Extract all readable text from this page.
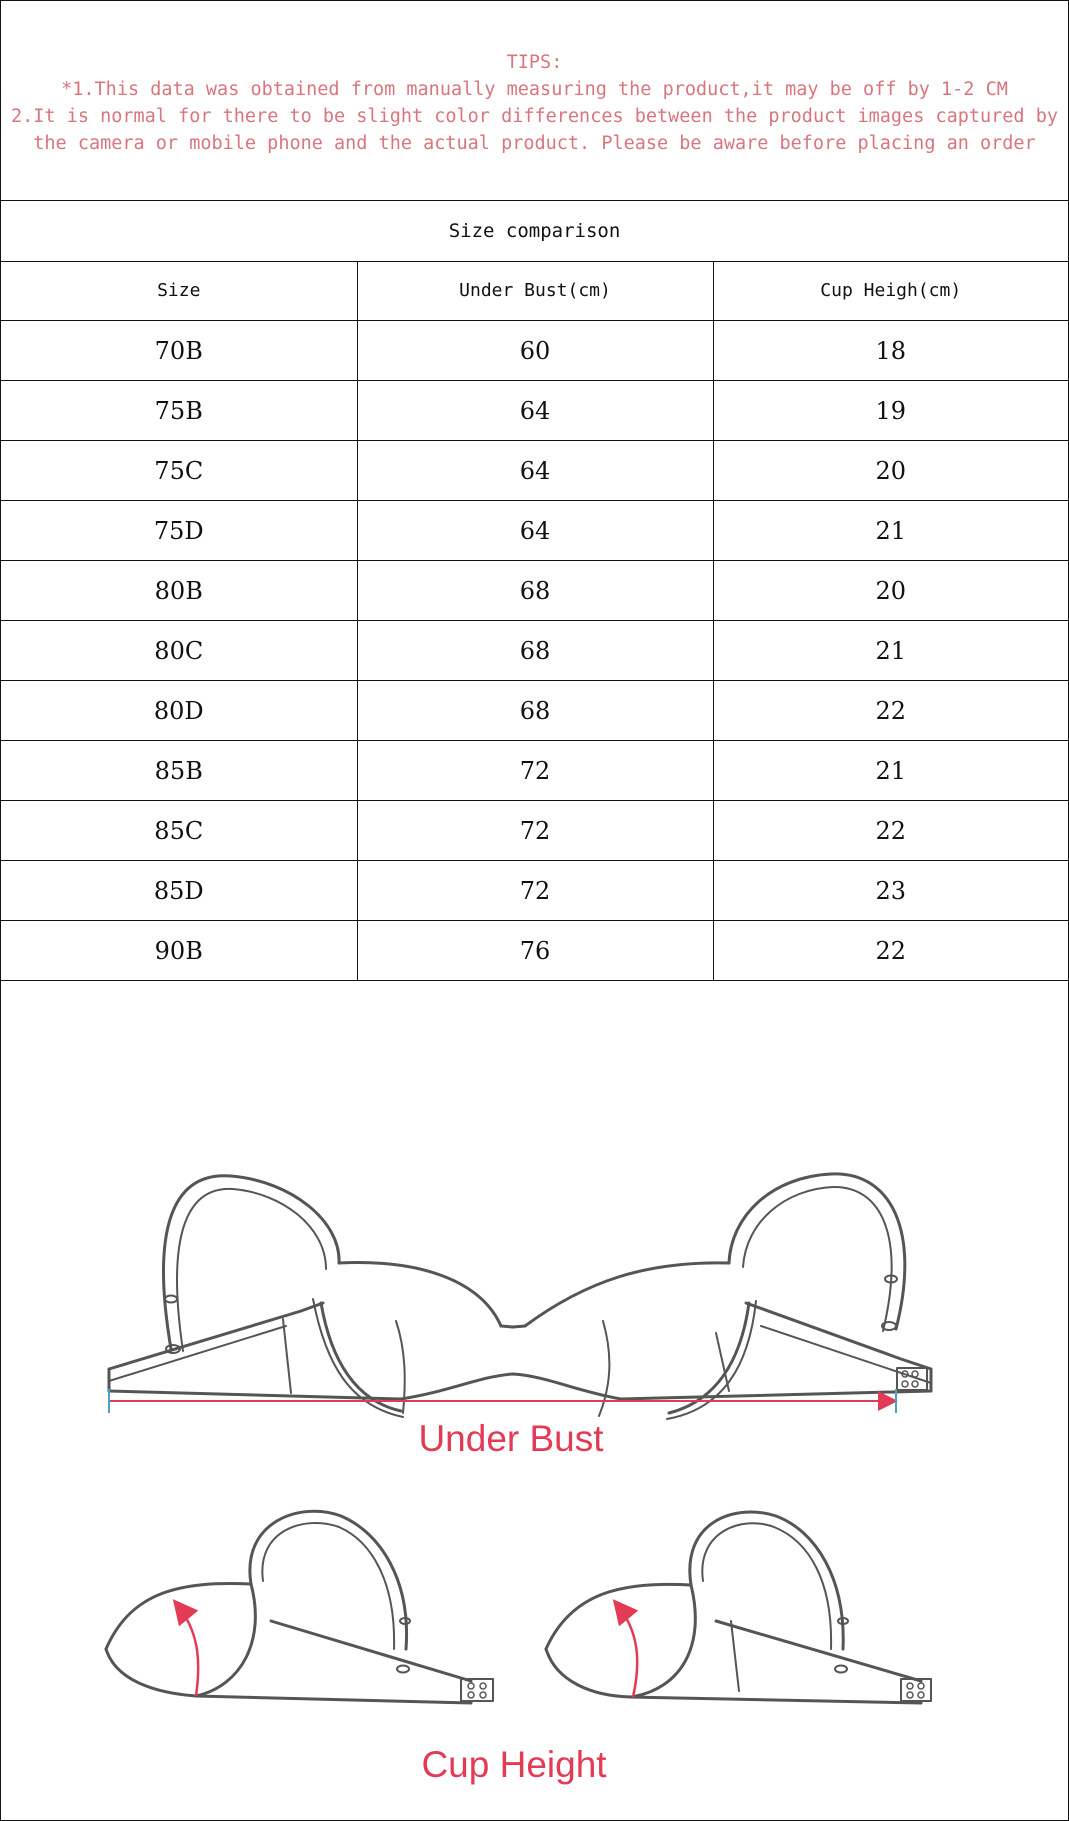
TIPS:
*1.This data was obtained from manually measuring the product,it may be off by 1-2 CM
2.It is normal for there to be slight color differences between the product images captured by
the camera or mobile phone and the actual product. Please be aware before placing an order
Size comparison
Size	Under Bust(cm)	Cup Heigh(cm)
70B	60	18
75B	64	19
75C	64	20
75D	64	21
80B	68	20
80C	68	21
80D	68	22
85B	72	21
85C	72	22
85D	72	23
90B	76	22
Under Bust
Cup Height
